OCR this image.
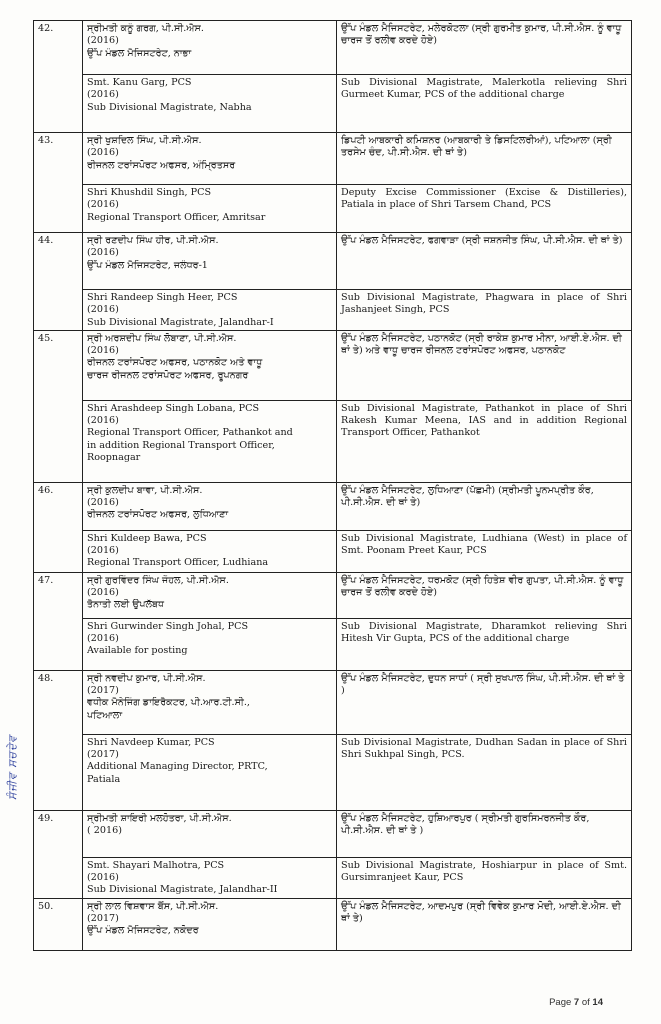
42.	ਸ੍ਰੀਮਤੀ ਕਨੂੰ ਗਰਗ, ਪੀ.ਸੀ.ਐਸ.
(2016)
ਉੱਪ ਮੰਡਲ ਮੈਜਿਸਟਰੇਟ, ਨਾਭਾ	ਉੱਪ ਮੰਡਲ ਮੈਜਿਸਟਰੇਟ, ਮਲੇਰਕੋਟਲਾ (ਸ੍ਰੀ ਗੁਰਮੀਤ ਕੁਮਾਰ, ਪੀ.ਸੀ.ਐਸ. ਨੂੰ ਵਾਧੂ ਚਾਰਜ ਤੋਂ ਰਲੀਵ ਕਰਦੇ ਹੋਏ)

	Smt. Kanu Garg, PCS
(2016)
Sub Divisional Magistrate, Nabha	Sub Divisional Magistrate, Malerkotla relieving Shri Gurmeet Kumar, PCS of the additional charge
43.	ਸ੍ਰੀ ਖੁਸ਼ਦਿਲ ਸਿੰਘ, ਪੀ.ਸੀ.ਐਸ.
(2016)
ਰੀਜਨਲ ਟਰਾਂਸਪੋਰਟ ਅਫਸਰ, ਅੰਮ੍ਰਿਤਸਰ	ਡਿਪਟੀ ਆਬਕਾਰੀ ਕਮਿਸ਼ਨਰ (ਆਬਕਾਰੀ ਤੇ ਡਿਸਟਿਲਰੀਆਂ), ਪਟਿਆਲਾ (ਸ੍ਰੀ ਤਰਸੇਮ ਚੰਦ, ਪੀ.ਸੀ.ਐਸ. ਦੀ ਥਾਂ ਤੇ)

	Shri Khushdil Singh, PCS
(2016)
Regional Transport Officer, Amritsar	Deputy Excise Commissioner (Excise & Distilleries), Patiala in place of Shri Tarsem Chand, PCS
44.	ਸ੍ਰੀ ਰਣਦੀਪ ਸਿੰਘ ਹੀਰ, ਪੀ.ਸੀ.ਐਸ.
(2016)
ਉੱਪ ਮੰਡਲ ਮੈਜਿਸਟਰੇਟ, ਜਲੰਧਰ-1	ਉੱਪ ਮੰਡਲ ਮੈਜਿਸਟਰੇਟ, ਫਗਵਾੜਾ (ਸ੍ਰੀ ਜਸ਼ਨਜੀਤ ਸਿੰਘ, ਪੀ.ਸੀ.ਐਸ. ਦੀ ਥਾਂ ਤੇ)

	Shri Randeep Singh Heer, PCS
(2016)
Sub Divisional Magistrate, Jalandhar-I	Sub Divisional Magistrate, Phagwara in place of Shri Jashanjeet Singh, PCS
45.	ਸ੍ਰੀ ਅਰਸ਼ਦੀਪ ਸਿੰਘ ਲੋਬਾਣਾ, ਪੀ.ਸੀ.ਐਸ.
(2016)
ਰੀਜਨਲ ਟਰਾਂਸਪੋਰਟ ਅਫਸਰ, ਪਠਾਨਕੋਟ ਅਤੇ ਵਾਧੂ
ਚਾਰਜ ਰੀਜਨਲ ਟਰਾਂਸਪੋਰਟ ਅਫਸਰ, ਰੂਪਨਗਰ	ਉੱਪ ਮੰਡਲ ਮੈਜਿਸਟਰੇਟ, ਪਠਾਨਕੋਟ (ਸ੍ਰੀ ਰਾਕੇਸ਼ ਕੁਮਾਰ ਮੀਨਾ, ਆਈ.ਏ.ਐਸ. ਦੀ ਥਾਂ ਤੇ) ਅਤੇ ਵਾਧੂ ਚਾਰਜ ਰੀਜਨਲ ਟਰਾਂਸਪੋਰਟ ਅਫਸਰ, ਪਠਾਨਕੋਟ

	Shri Arashdeep Singh Lobana, PCS
(2016)
Regional Transport Officer, Pathankot and
in addition Regional Transport Officer,
Roopnagar	Sub Divisional Magistrate, Pathankot in place of Shri Rakesh Kumar Meena, IAS and in addition Regional Transport Officer, Pathankot
46.	ਸ੍ਰੀ ਕੁਲਦੀਪ ਬਾਵਾ, ਪੀ.ਸੀ.ਐਸ.
(2016)
ਰੀਜਨਲ ਟਰਾਂਸਪੋਰਟ ਅਫਸਰ, ਲੁਧਿਆਣਾ	ਉੱਪ ਮੰਡਲ ਮੈਜਿਸਟਰੇਟ, ਲੁਧਿਆਣਾ (ਪੱਛਮੀ) (ਸ੍ਰੀਮਤੀ ਪੂਨਮਪ੍ਰੀਤ ਕੌਰ, ਪੀ.ਸੀ.ਐਸ. ਦੀ ਥਾਂ ਤੇ)

	Shri Kuldeep Bawa, PCS
(2016)
Regional Transport Officer, Ludhiana	Sub Divisional Magistrate, Ludhiana (West) in place of Smt. Poonam Preet Kaur, PCS
47.	ਸ੍ਰੀ ਗੁਰਵਿੰਦਰ ਸਿੰਘ ਜੌਹਲ, ਪੀ.ਸੀ.ਐਸ.
(2016)
ਤੈਨਾਤੀ ਲਈ ਉਪਲੱਬਧ	ਉੱਪ ਮੰਡਲ ਮੈਜਿਸਟਰੇਟ, ਧਰਮਕੋਟ (ਸ੍ਰੀ ਹਿਤੇਸ਼ ਵੀਰ ਗੁਪਤਾ, ਪੀ.ਸੀ.ਐਸ. ਨੂੰ ਵਾਧੂ ਚਾਰਜ ਤੋਂ ਰਲੀਵ ਕਰਦੇ ਹੋਏ)

	Shri Gurwinder Singh Johal, PCS
(2016)
Available for posting	Sub Divisional Magistrate, Dharamkot relieving Shri Hitesh Vir Gupta, PCS of the additional charge
48.	ਸ੍ਰੀ ਨਵਦੀਪ ਕੁਮਾਰ, ਪੀ.ਸੀ.ਐਸ.
(2017)
ਵਧੀਕ ਮੈਨੇਜਿੰਗ ਡਾਇਰੈਕਟਰ, ਪੀ.ਆਰ.ਟੀ.ਸੀ.,
ਪਟਿਆਲਾ	ਉੱਪ ਮੰਡਲ ਮੈਜਿਸਟਰੇਟ, ਦੁਧਨ ਸਾਧਾਂ ( ਸ੍ਰੀ ਸੁਖਪਾਲ ਸਿੰਘ, ਪੀ.ਸੀ.ਐਸ. ਦੀ ਥਾਂ ਤੇ )

	Shri Navdeep Kumar, PCS
(2017)
Additional Managing Director, PRTC,
Patiala	Sub Divisional Magistrate, Dudhan Sadan in place of Shri Shri Sukhpal Singh, PCS.
49.	ਸ੍ਰੀਮਤੀ ਸ਼ਾਇਰੀ ਮਲਹੋਤਰਾ, ਪੀ.ਸੀ.ਐਸ.
( 2016)	ਉੱਪ ਮੰਡਲ ਮੈਜਿਸਟਰੇਟ, ਹੁਸ਼ਿਆਰਪੁਰ ( ਸ੍ਰੀਮਤੀ ਗੁਰਸਿਮਰਨਜੀਤ ਕੌਰ, ਪੀ.ਸੀ.ਐਸ. ਦੀ ਥਾਂ ਤੇ )

	Smt. Shayari Malhotra, PCS
(2016)
Sub Divisional Magistrate, Jalandhar-II	Sub Divisional Magistrate, Hoshiarpur in place of Smt. Gursimranjeet Kaur, PCS
50.	ਸ੍ਰੀ ਲਾਲ ਵਿਸ਼ਵਾਸ ਬੈਂਸ, ਪੀ.ਸੀ.ਐਸ.
(2017)
ਉੱਪ ਮੰਡਲ ਮੈਜਿਸਟਰੇਟ, ਨਕੋਦਰ	ਉੱਪ ਮੰਡਲ ਮੈਜਿਸਟਰੇਟ, ਆਦਮਪੁਰ (ਸ੍ਰੀ ਵਿਵੇਕ ਕੁਮਾਰ ਮੋਦੀ, ਆਈ.ਏ.ਐਸ. ਦੀ ਥਾਂ ਤੇ)
ਸੰਜੀਵ ਸਚਦੇਵ
Page 7 of 14
